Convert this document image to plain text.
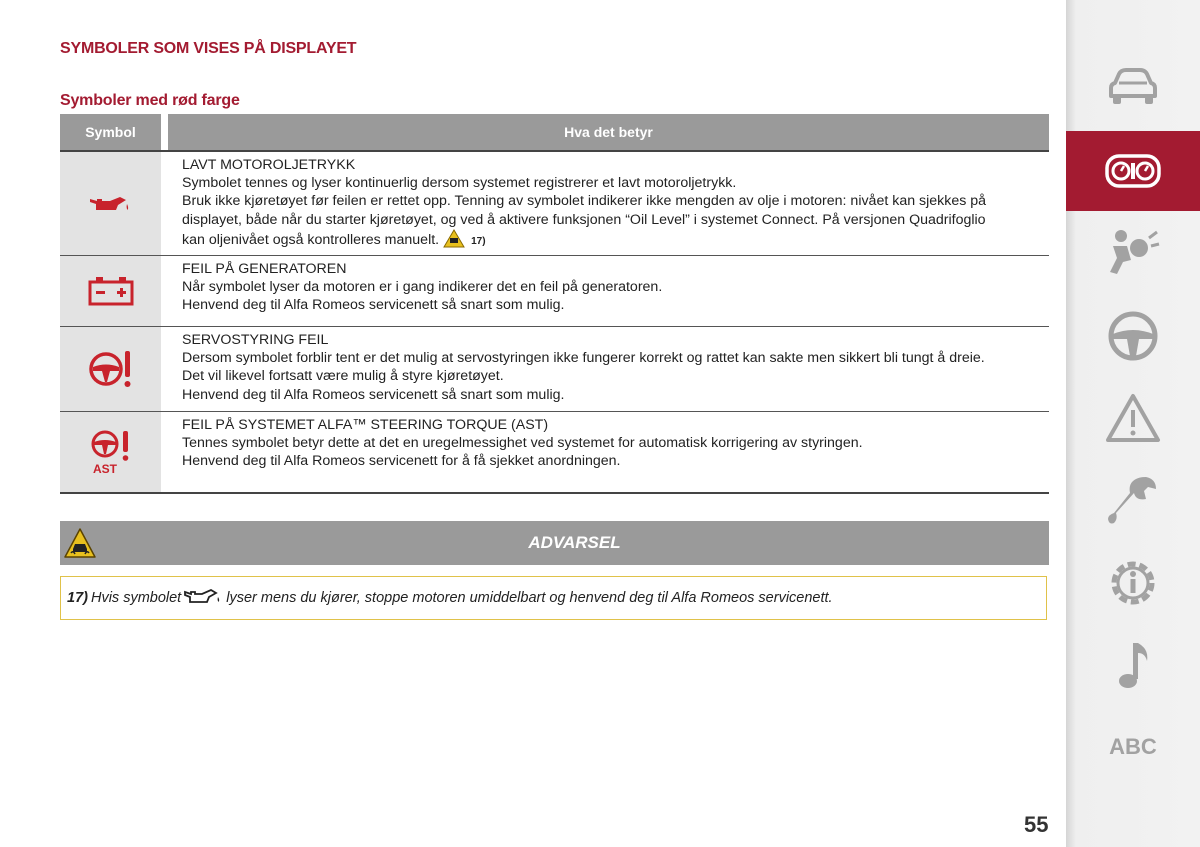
SYMBOLER SOM VISES PÅ DISPLAYET
Symboler med rød farge
Symbol	Hva det betyr
LAVT MOTOROLJETRYKK
Symbolet tennes og lyser kontinuerlig dersom systemet registrerer et lavt motoroljetrykk.
Bruk ikke kjøretøyet før feilen er rettet opp. Tenning av symbolet indikerer ikke mengden av olje i motoren: nivået kan sjekkes på
displayet, både når du starter kjøretøyet, og ved å aktivere funksjonen “Oil Level” i systemet Connect. På versjonen Quadrifoglio
kan oljenivået også kontrolleres manuelt.	17)
FEIL PÅ GENERATOREN
Når symbolet lyser da motoren er i gang indikerer det en feil på generatoren.
Henvend deg til Alfa Romeos servicenett så snart som mulig.
SERVOSTYRING FEIL
Dersom symbolet forblir tent er det mulig at servostyringen ikke fungerer korrekt og rattet kan sakte men sikkert bli tungt å dreie.
Det vil likevel fortsatt være mulig å styre kjøretøyet.
Henvend deg til Alfa Romeos servicenett så snart som mulig.
AST
FEIL PÅ SYSTEMET ALFA™ STEERING TORQUE (AST)
Tennes symbolet betyr dette at det en uregelmessighet ved systemet for automatisk korrigering av styringen.
Henvend deg til Alfa Romeos servicenett for å få sjekket anordningen.
ADVARSEL
17) Hvis symbolet	lyser mens du kjører, stoppe motoren umiddelbart og henvend deg til Alfa Romeos servicenett.
55
ABC
